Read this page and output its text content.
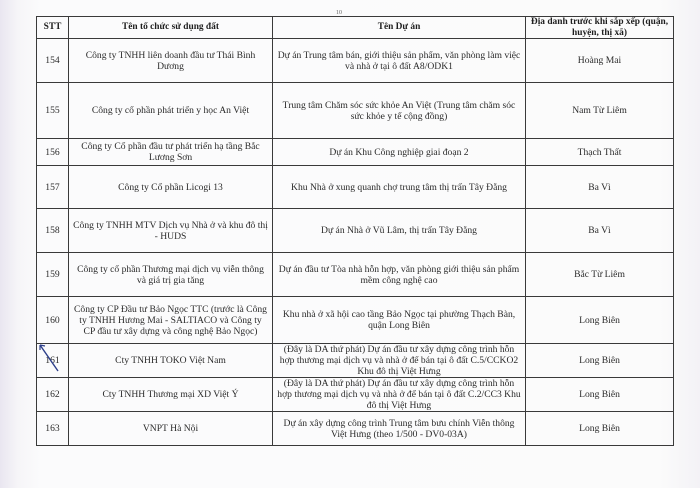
10
STT	Tên tổ chức sử dụng đất	Tên Dự án	Địa danh trước khi sắp xếp (quận, huyện, thị xã)
154	Công ty TNHH liên doanh đầu tư Thái Bình Dương	Dự án Trung tâm bán, giới thiệu sản phẩm, văn phòng làm việc và nhà ở tại ô đất A8/ODK1	Hoàng Mai
155	Công ty cổ phần phát triển y học An Việt	Trung tâm Chăm sóc sức khỏe An Việt (Trung tâm chăm sóc sức khỏe y tế cộng đồng)	Nam Từ Liêm
156	Công ty Cổ phần đầu tư phát triển hạ tầng Bắc Lương Sơn	Dự án Khu Công nghiệp giai đoạn 2	Thạch Thất
157	Công ty Cổ phần Licogi 13	Khu Nhà ở xung quanh chợ trung tâm thị trấn Tây Đằng	Ba Vì
158	Công ty TNHH MTV Dịch vụ Nhà ở và khu đô thị - HUDS	Dự án Nhà ở Vũ Lâm, thị trấn Tây Đằng	Ba Vì
159	Công ty cổ phần Thương mại dịch vụ viễn thông và giá trị gia tăng	Dự án đầu tư Tòa nhà hỗn hợp, văn phòng giới thiệu sản phẩm mềm công nghệ cao	Bắc Từ Liêm
160	Công ty CP Đầu tư Bảo Ngọc TTC (trước là Công ty TNHH Hương Mai - SALTIACO và Công ty CP đầu tư xây dựng và công nghệ Bảo Ngọc)	Khu nhà ở xã hội cao tầng Bảo Ngọc tại phường Thạch Bàn, quận Long Biên	Long Biên
161	Cty TNHH TOKO Việt Nam	(Đây là DA thứ phát) Dự án đầu tư xây dựng công trình hỗn hợp thương mại dịch vụ và nhà ở để bán tại ô đất C.5/CCKO2 Khu đô thị Việt Hưng	Long Biên
162	Cty TNHH Thương mại XD Việt Ý	(Đây là DA thứ phát) Dự án đầu tư xây dựng công trình hỗn hợp thương mại dịch vụ và nhà ở để bán tại ô đất C.2/CC3 Khu đô thị Việt Hưng	Long Biên
163	VNPT Hà Nội	Dự án xây dựng công trình Trung tâm bưu chính Viễn thông Việt Hưng (theo 1/500 - DV0-03A)	Long Biên
